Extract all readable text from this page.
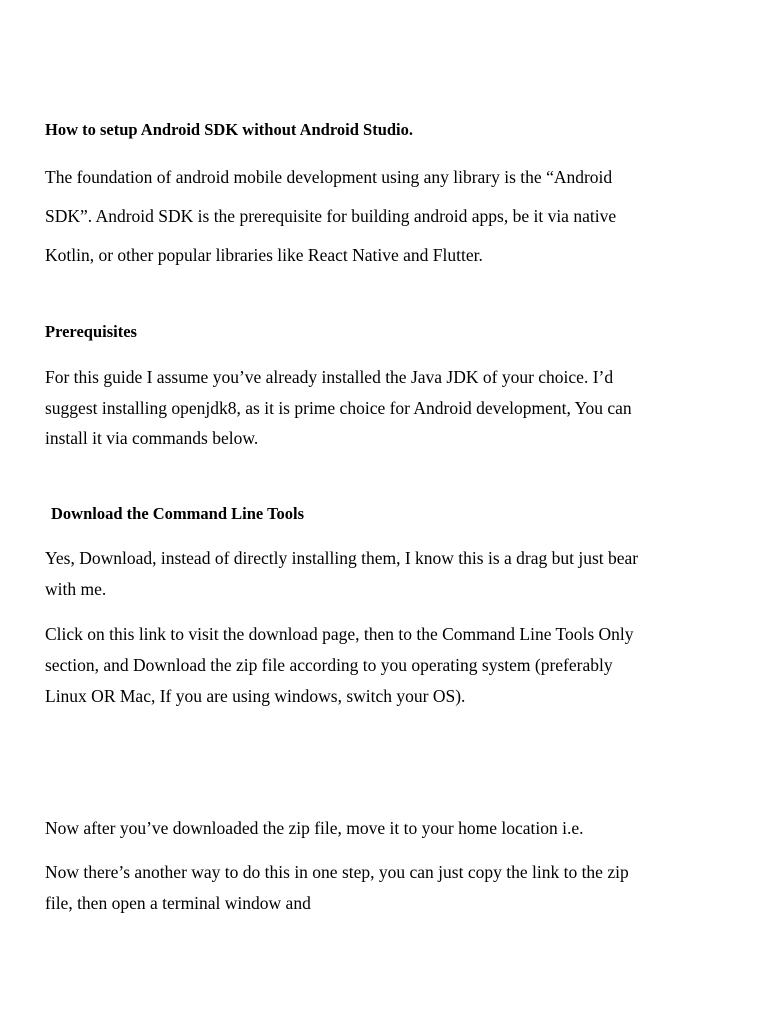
How to setup Android SDK without Android Studio.

The foundation of android mobile development using any library is the “Android

SDK”. Android SDK is the prerequisite for building android apps, be it via native

Kotlin, or other popular libraries like React Native and Flutter.

Prerequisites

For this guide I assume you’ve already installed the Java JDK of your choice. I’d

suggest installing openjdk8, as it is prime choice for Android development, You can

install it via commands below.

Download the Command Line Tools

Yes, Download, instead of directly installing them, I know this is a drag but just bear

with me.

Click on this link to visit the download page, then to the Command Line Tools Only

section, and Download the zip file according to you operating system (preferably

Linux OR Mac, If you are using windows, switch your OS).

Now after you’ve downloaded the zip file, move it to your home location i.e.

Now there’s another way to do this in one step, you can just copy the link to the zip

file, then open a terminal window and
